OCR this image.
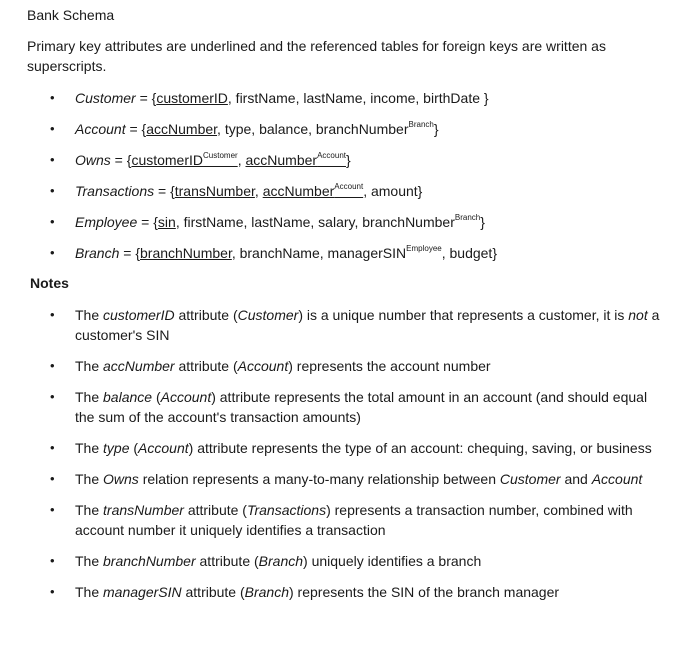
Bank Schema
Primary key attributes are underlined and the referenced tables for foreign keys are written as superscripts.
• Customer = {customerID, firstName, lastName, income, birthDate }
• Account = {accNumber, type, balance, branchNumber$^{Branch}$}
• Owns = {customerID$^{Customer}$, accNumber$^{Account}$}
• Transactions = {transNumber, accNumber$^{Account}$, amount}
• Employee = {sin, firstName, lastName, salary, branchNumber$^{Branch}$}
• Branch = {branchNumber, branchName, managerSIN$^{Employee}$, budget}
Notes
• The customerID attribute (Customer) is a unique number that represents a customer, it is not a customer's SIN
• The accNumber attribute (Account) represents the account number
• The balance (Account) attribute represents the total amount in an account (and should equal the sum of the account's transaction amounts)
• The type (Account) attribute represents the type of an account: chequing, saving, or business
• The Owns relation represents a many-to-many relationship between Customer and Account
• The transNumber attribute (Transactions) represents a transaction number, combined with account number it uniquely identifies a transaction
• The branchNumber attribute (Branch) uniquely identifies a branch
• The managerSIN attribute (Branch) represents the SIN of the branch manager
